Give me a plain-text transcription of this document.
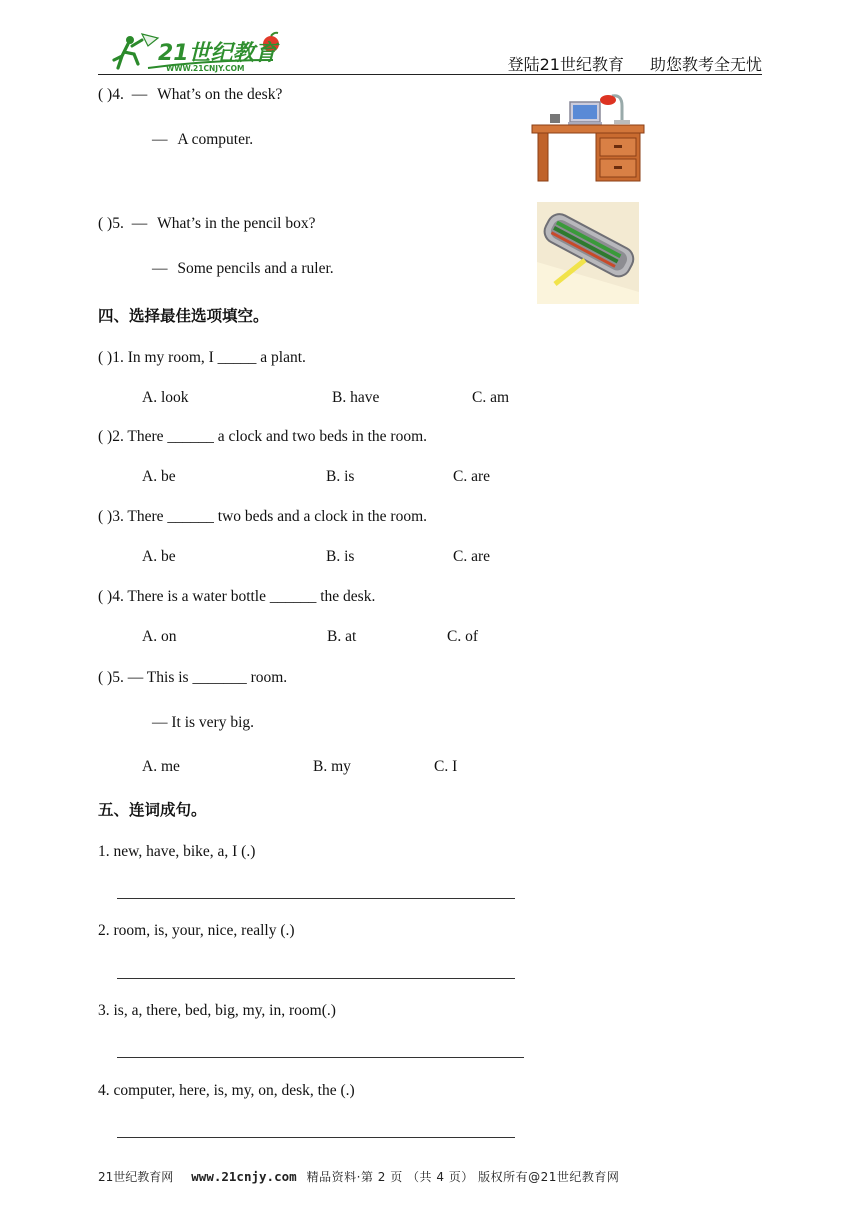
21世纪教育
WWW.21CNJY.COM	登陆21世纪教育 助您教考全无忧
( )4. — What’s on the desk?
— A computer.
( )5. — What’s in the pencil box?
— Some pencils and a ruler.
四、选择最佳选项填空。
( )1. In my room, I _____ a plant.
A. look	B. have	C. am
( )2. There ______ a clock and two beds in the room.
A. be	B. is	C. are
( )3. There ______ two beds and a clock in the room.
A. be	B. is	C. are
( )4. There is a water bottle ______ the desk.
A. on	B. at	C. of
( )5. — This is _______ room.
— It is very big.
A. me	B. my	C. I
五、连词成句。
1. new, have, bike, a, I (.)
2. room, is, your, nice, really (.)
3. is, a, there, bed, big, my, in, room(.)
4. computer, here, is, my, on, desk, the (.)
21世纪教育网 www.21cnjy.com 精品资料·第 2 页 （共 4 页） 版权所有@21世纪教育网
